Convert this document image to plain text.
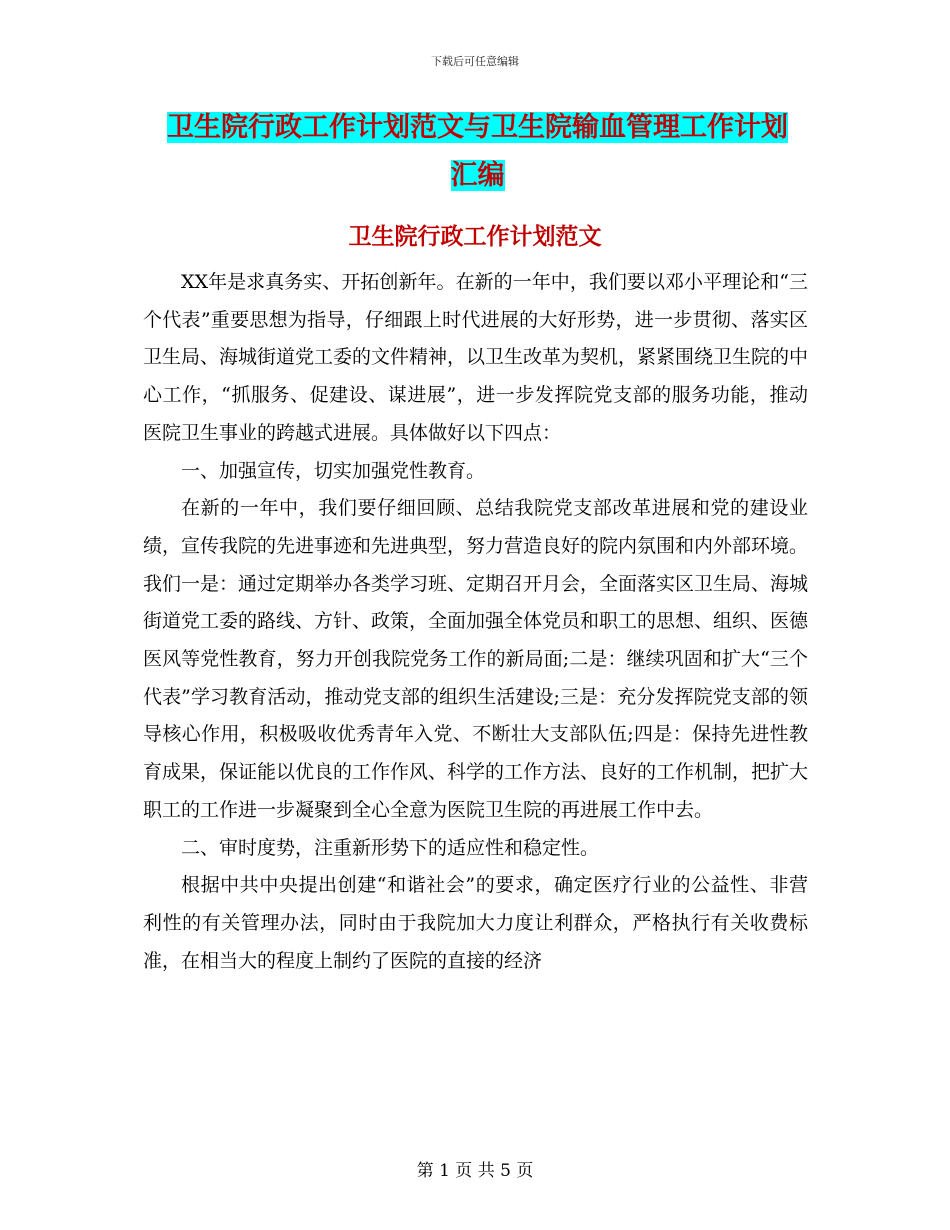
下载后可任意编辑
卫生院行政工作计划范文与卫生院输血管理工作计划
汇编
卫生院行政工作计划范文

XX年是求真务实、开拓创新年。在新的一年中，我们要以邓小平理论和“三个代表”重要思想为指导，仔细跟上时代进展的大好形势，进一步贯彻、落实区卫生局、海城街道党工委的文件精神，以卫生改革为契机，紧紧围绕卫生院的中心工作，“抓服务、促建设、谋进展”，进一步发挥院党支部的服务功能，推动医院卫生事业的跨越式进展。具体做好以下四点：

一、加强宣传，切实加强党性教育。

在新的一年中，我们要仔细回顾、总结我院党支部改革进展和党的建设业绩，宣传我院的先进事迹和先进典型，努力营造良好的院内氛围和内外部环境。我们一是：通过定期举办各类学习班、定期召开月会，全面落实区卫生局、海城街道党工委的路线、方针、政策，全面加强全体党员和职工的思想、组织、医德医风等党性教育，努力开创我院党务工作的新局面;二是：继续巩固和扩大“三个代表”学习教育活动，推动党支部的组织生活建设;三是：充分发挥院党支部的领导核心作用，积极吸收优秀青年入党、不断壮大支部队伍;四是：保持先进性教育成果，保证能以优良的工作作风、科学的工作方法、良好的工作机制，把扩大职工的工作进一步凝聚到全心全意为医院卫生院的再进展工作中去。

二、审时度势，注重新形势下的适应性和稳定性。

根据中共中央提出创建“和谐社会”的要求，确定医疗行业的公益性、非营利性的有关管理办法，同时由于我院加大力度让利群众，严格执行有关收费标准，在相当大的程度上制约了医院的直接的经济

第 1 页 共 5 页
